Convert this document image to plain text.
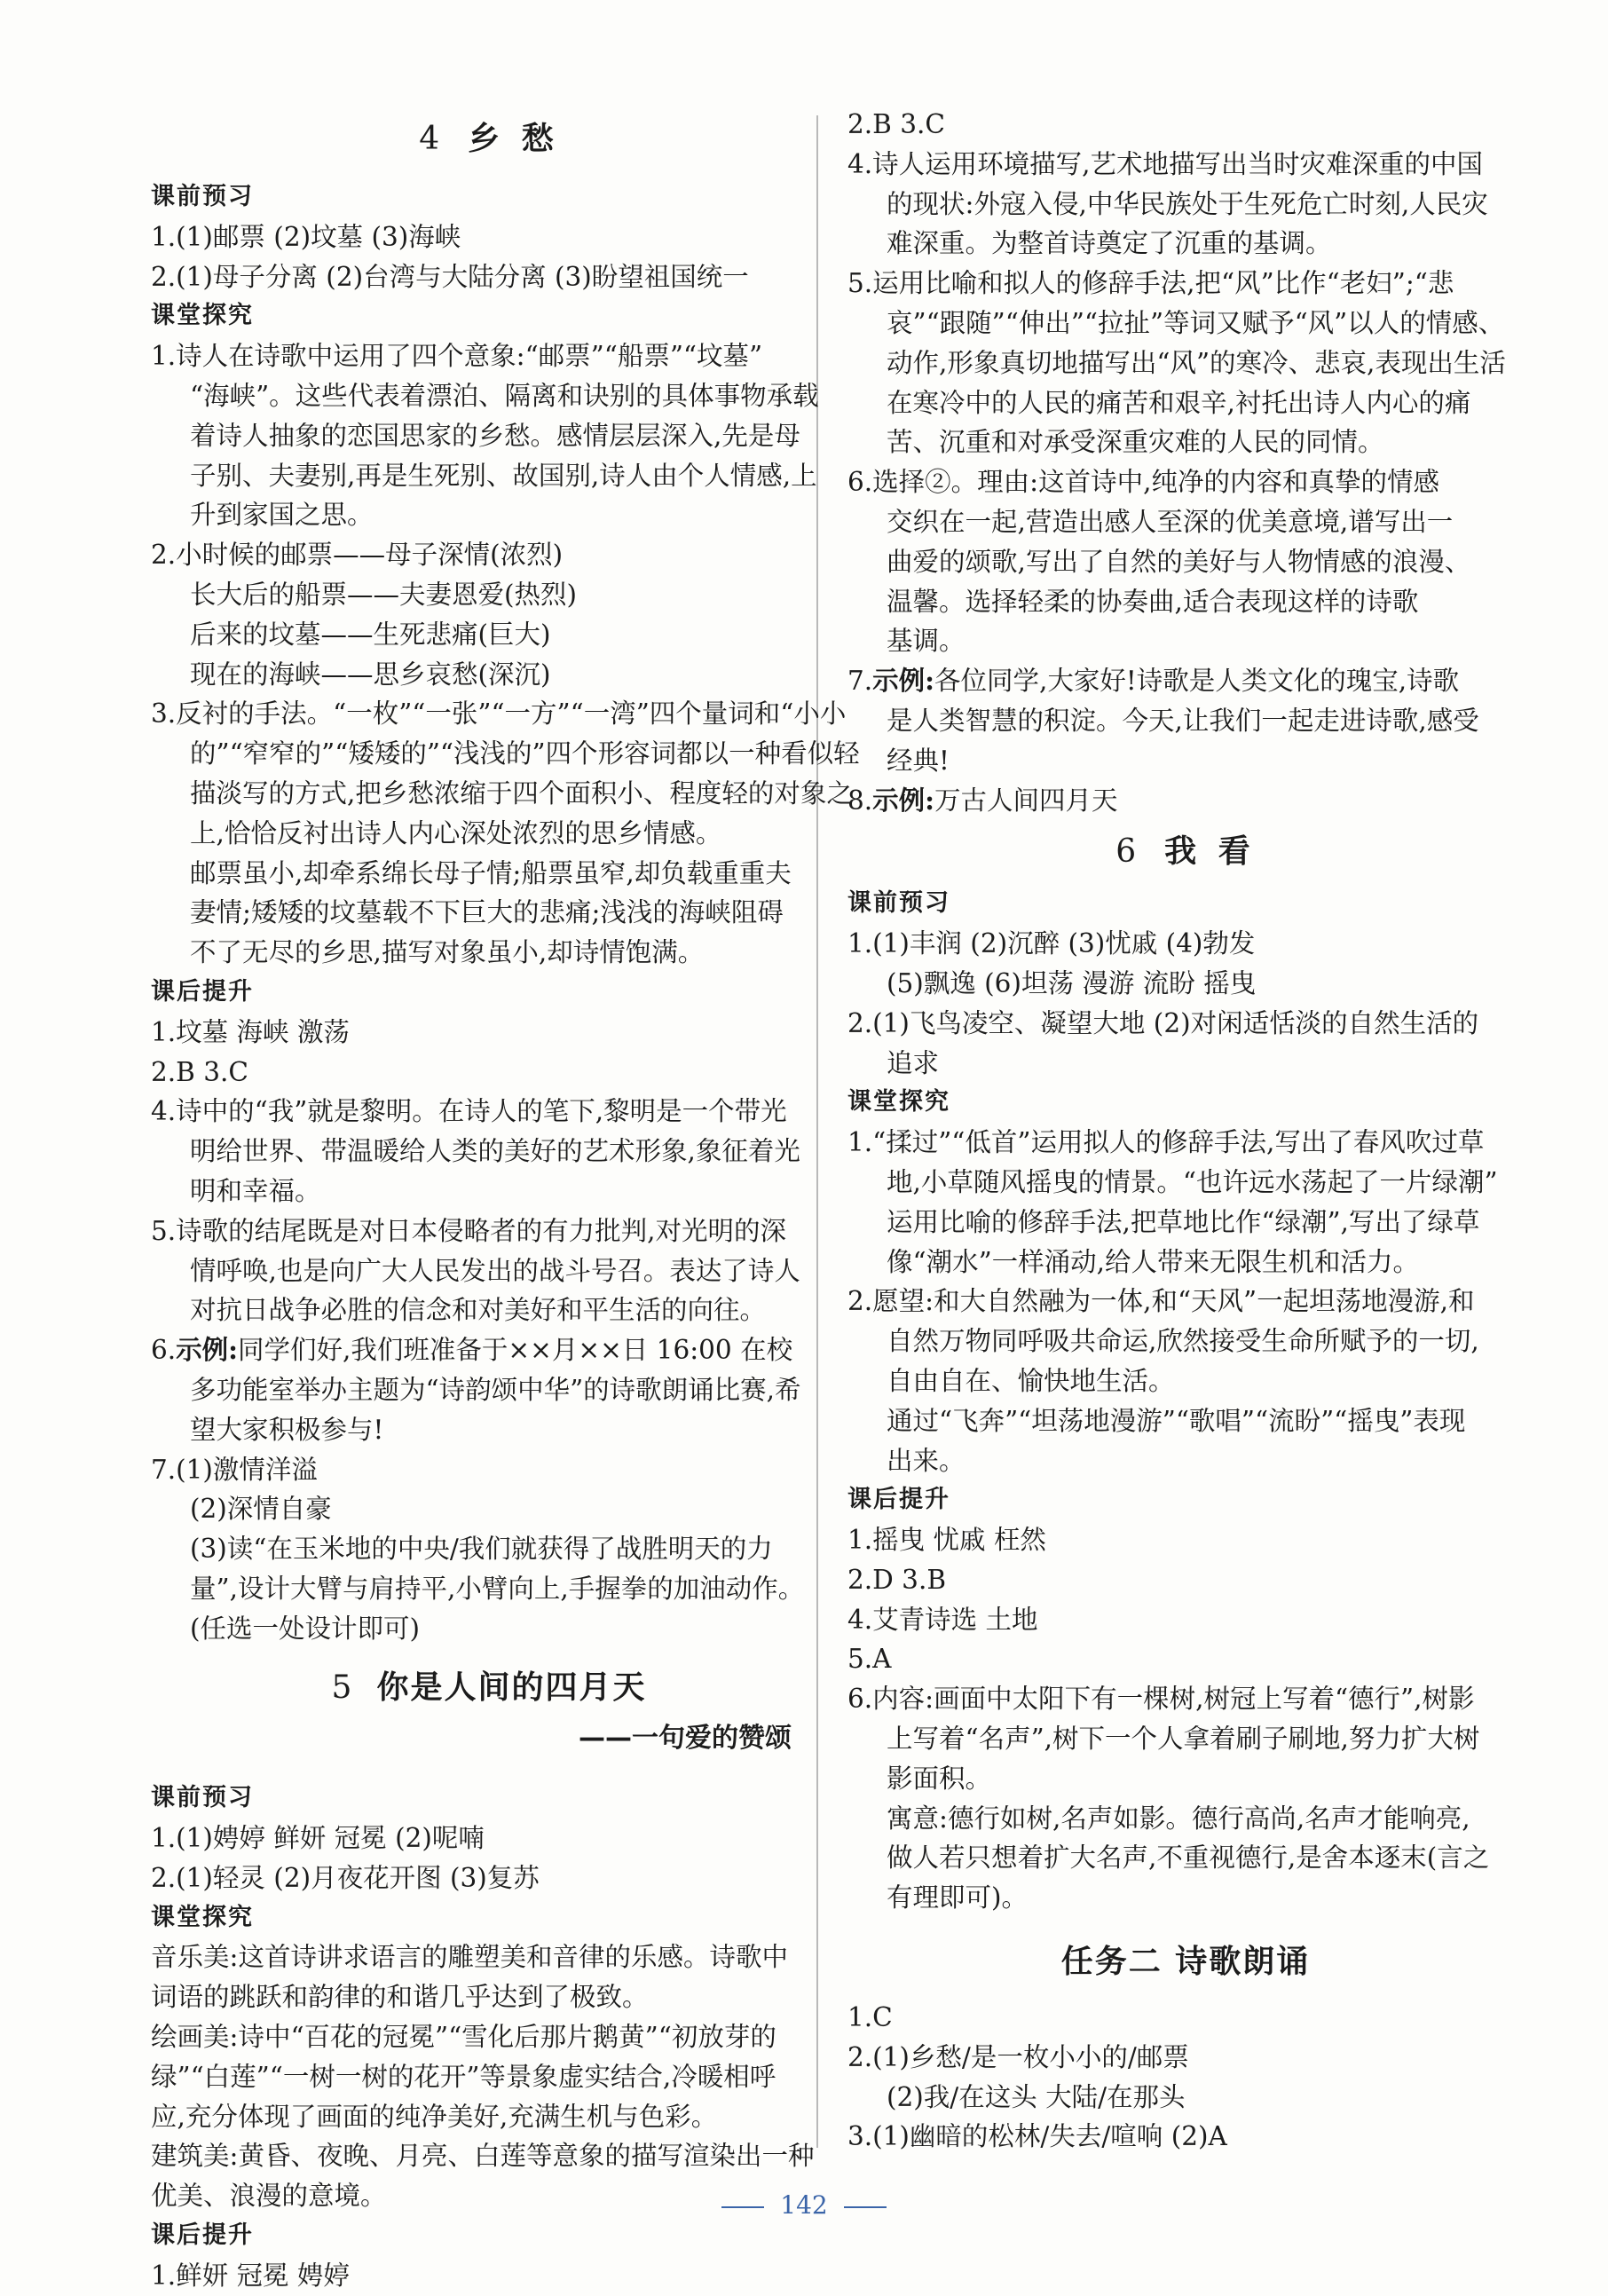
4 乡 愁
课前预习
1.(1)邮票 (2)坟墓 (3)海峡
2.(1)母子分离 (2)台湾与大陆分离 (3)盼望祖国统一
课堂探究
1.诗人在诗歌中运用了四个意象:“邮票”“船票”“坟墓”
“海峡”。这些代表着漂泊、隔离和诀别的具体事物承载
着诗人抽象的恋国思家的乡愁。感情层层深入,先是母
子别、夫妻别,再是生死别、故国别,诗人由个人情感,上
升到家国之思。
2.小时候的邮票——母子深情(浓烈)
长大后的船票——夫妻恩爱(热烈)
后来的坟墓——生死悲痛(巨大)
现在的海峡——思乡哀愁(深沉)
3.反衬的手法。“一枚”“一张”“一方”“一湾”四个量词和“小小
的”“窄窄的”“矮矮的”“浅浅的”四个形容词都以一种看似轻
描淡写的方式,把乡愁浓缩于四个面积小、程度轻的对象之
上,恰恰反衬出诗人内心深处浓烈的思乡情感。
邮票虽小,却牵系绵长母子情;船票虽窄,却负载重重夫
妻情;矮矮的坟墓载不下巨大的悲痛;浅浅的海峡阻碍
不了无尽的乡思,描写对象虽小,却诗情饱满。
课后提升
1.坟墓 海峡 激荡
2.B 3.C
4.诗中的“我”就是黎明。在诗人的笔下,黎明是一个带光
明给世界、带温暖给人类的美好的艺术形象,象征着光
明和幸福。
5.诗歌的结尾既是对日本侵略者的有力批判,对光明的深
情呼唤,也是向广大人民发出的战斗号召。表达了诗人
对抗日战争必胜的信念和对美好和平生活的向往。
6.示例:同学们好,我们班准备于××月××日 16:00 在校
多功能室举办主题为“诗韵颂中华”的诗歌朗诵比赛,希
望大家积极参与!
7.(1)激情洋溢
(2)深情自豪
(3)读“在玉米地的中央/我们就获得了战胜明天的力
量”,设计大臂与肩持平,小臂向上,手握拳的加油动作。
(任选一处设计即可)
5 你是人间的四月天
——一句爱的赞颂
课前预习
1.(1)娉婷 鲜妍 冠冕 (2)呢喃
2.(1)轻灵 (2)月夜花开图 (3)复苏
课堂探究
音乐美:这首诗讲求语言的雕塑美和音律的乐感。诗歌中
词语的跳跃和韵律的和谐几乎达到了极致。
绘画美:诗中“百花的冠冕”“雪化后那片鹅黄”“初放芽的
绿”“白莲”“一树一树的花开”等景象虚实结合,冷暖相呼
应,充分体现了画面的纯净美好,充满生机与色彩。
建筑美:黄昏、夜晚、月亮、白莲等意象的描写渲染出一种
优美、浪漫的意境。
课后提升
1.鲜妍 冠冕 娉婷
2.B 3.C
4.诗人运用环境描写,艺术地描写出当时灾难深重的中国
的现状:外寇入侵,中华民族处于生死危亡时刻,人民灾
难深重。为整首诗奠定了沉重的基调。
5.运用比喻和拟人的修辞手法,把“风”比作“老妇”;“悲
哀”“跟随”“伸出”“拉扯”等词又赋予“风”以人的情感、
动作,形象真切地描写出“风”的寒冷、悲哀,表现出生活
在寒冷中的人民的痛苦和艰辛,衬托出诗人内心的痛
苦、沉重和对承受深重灾难的人民的同情。
6.选择②。理由:这首诗中,纯净的内容和真挚的情感
交织在一起,营造出感人至深的优美意境,谱写出一
曲爱的颂歌,写出了自然的美好与人物情感的浪漫、
温馨。选择轻柔的协奏曲,适合表现这样的诗歌
基调。
7.示例:各位同学,大家好!诗歌是人类文化的瑰宝,诗歌
是人类智慧的积淀。今天,让我们一起走进诗歌,感受
经典!
8.示例:万古人间四月天
6 我 看
课前预习
1.(1)丰润 (2)沉醉 (3)忧戚 (4)勃发
(5)飘逸 (6)坦荡 漫游 流盼 摇曳
2.(1)飞鸟凌空、凝望大地 (2)对闲适恬淡的自然生活的
追求
课堂探究
1.“揉过”“低首”运用拟人的修辞手法,写出了春风吹过草
地,小草随风摇曳的情景。“也许远水荡起了一片绿潮”
运用比喻的修辞手法,把草地比作“绿潮”,写出了绿草
像“潮水”一样涌动,给人带来无限生机和活力。
2.愿望:和大自然融为一体,和“天风”一起坦荡地漫游,和
自然万物同呼吸共命运,欣然接受生命所赋予的一切,
自由自在、愉快地生活。
通过“飞奔”“坦荡地漫游”“歌唱”“流盼”“摇曳”表现
出来。
课后提升
1.摇曳 忧戚 枉然
2.D 3.B
4.艾青诗选 土地
5.A
6.内容:画面中太阳下有一棵树,树冠上写着“德行”,树影
上写着“名声”,树下一个人拿着刷子刷地,努力扩大树
影面积。
寓意:德行如树,名声如影。德行高尚,名声才能响亮,
做人若只想着扩大名声,不重视德行,是舍本逐末(言之
有理即可)。
任务二 诗歌朗诵
1.C
2.(1)乡愁/是一枚小小的/邮票
(2)我/在这头 大陆/在那头
3.(1)幽暗的松林/失去/喧响 (2)A
142
